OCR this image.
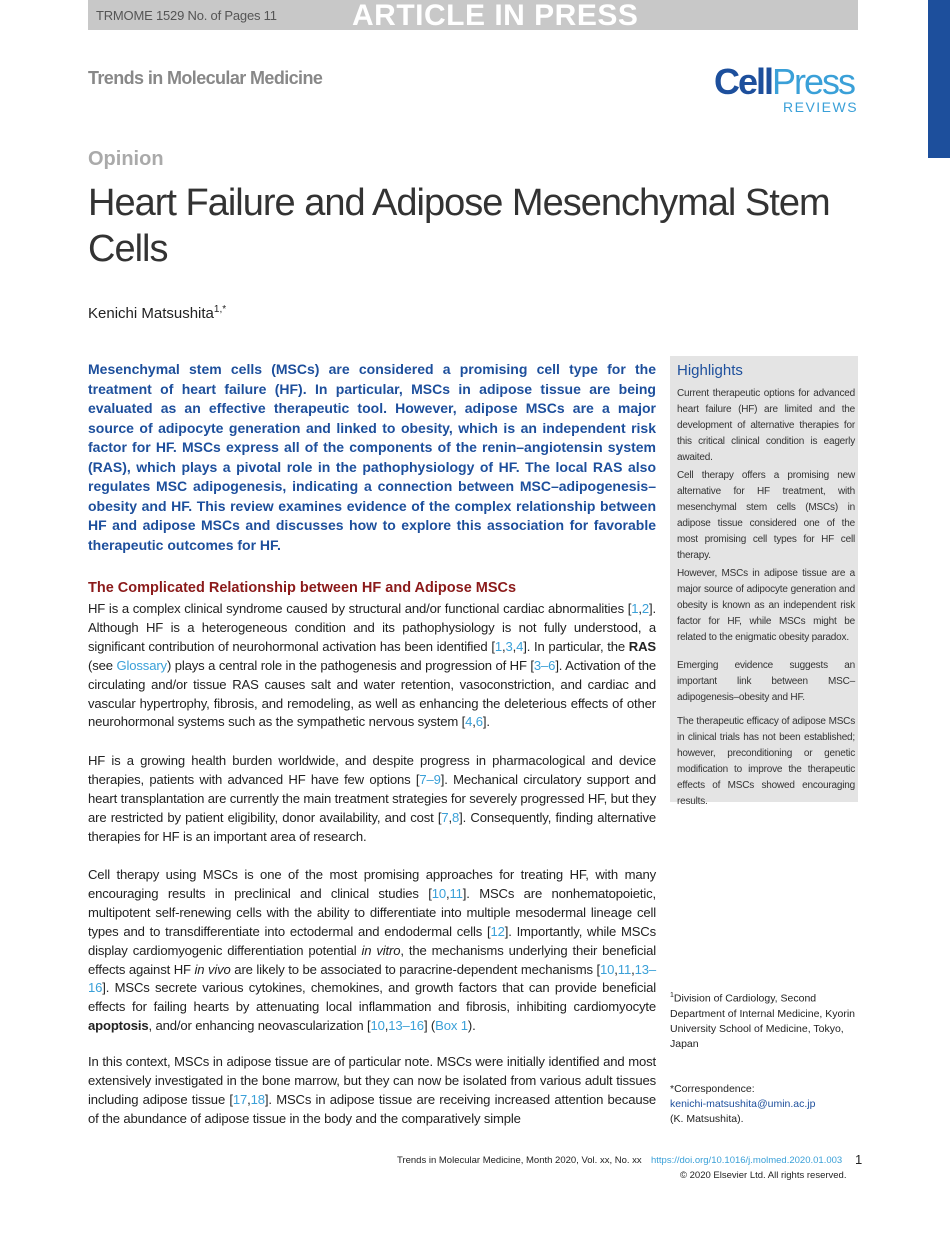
TRMOME 1529 No. of Pages 11	ARTICLE IN PRESS
Trends in Molecular Medicine	CellPress
REVIEWS
Opinion
Heart Failure and Adipose Mesenchymal Stem Cells
Kenichi Matsushita$^{1,*}$
Mesenchymal stem cells (MSCs) are considered a promising cell type for the treatment of heart failure (HF). In particular, MSCs in adipose tissue are being evaluated as an effective therapeutic tool. However, adipose MSCs are a major source of adipocyte generation and linked to obesity, which is an independent risk factor for HF. MSCs express all of the components of the renin–angiotensin system (RAS), which plays a pivotal role in the pathophysiology of HF. The local RAS also regulates MSC adipogenesis, indicating a connection between MSC–adipogenesis–obesity and HF. This review examines evidence of the complex relationship between HF and adipose MSCs and discusses how to explore this association for favorable therapeutic outcomes for HF.
The Complicated Relationship between HF and Adipose MSCs
HF is a complex clinical syndrome caused by structural and/or functional cardiac abnormalities [1,2]. Although HF is a heterogeneous condition and its pathophysiology is not fully understood, a significant contribution of neurohormonal activation has been identified [1,3,4]. In particular, the RAS (see Glossary) plays a central role in the pathogenesis and progression of HF [3–6]. Activation of the circulating and/or tissue RAS causes salt and water retention, vasoconstriction, and cardiac and vascular hypertrophy, fibrosis, and remodeling, as well as enhancing the deleterious effects of other neurohormonal systems such as the sympathetic nervous system [4,6].
HF is a growing health burden worldwide, and despite progress in pharmacological and device therapies, patients with advanced HF have few options [7–9]. Mechanical circulatory support and heart transplantation are currently the main treatment strategies for severely progressed HF, but they are restricted by patient eligibility, donor availability, and cost [7,8]. Consequently, finding alternative therapies for HF is an important area of research.
Cell therapy using MSCs is one of the most promising approaches for treating HF, with many encouraging results in preclinical and clinical studies [10,11]. MSCs are nonhematopoietic, multipotent self-renewing cells with the ability to differentiate into multiple mesodermal lineage cell types and to transdifferentiate into ectodermal and endodermal cells [12]. Importantly, while MSCs display cardiomyogenic differentiation potential in vitro, the mechanisms underlying their beneficial effects against HF in vivo are likely to be associated to paracrine-dependent mechanisms [10,11,13–16]. MSCs secrete various cytokines, chemokines, and growth factors that can provide beneficial effects for failing hearts by attenuating local inflammation and fibrosis, inhibiting cardiomyocyte apoptosis, and/or enhancing neovascularization [10,13–16] (Box 1).
In this context, MSCs in adipose tissue are of particular note. MSCs were initially identified and most extensively investigated in the bone marrow, but they can now be isolated from various adult tissues including adipose tissue [17,18]. MSCs in adipose tissue are receiving increased attention because of the abundance of adipose tissue in the body and the comparatively simple
Highlights
Current therapeutic options for advanced heart failure (HF) are limited and the development of alternative therapies for this critical clinical condition is eagerly awaited.
Cell therapy offers a promising new alternative for HF treatment, with mesenchymal stem cells (MSCs) in adipose tissue considered one of the most promising cell types for HF cell therapy.
However, MSCs in adipose tissue are a major source of adipocyte generation and obesity is known as an independent risk factor for HF, while MSCs might be related to the enigmatic obesity paradox.
Emerging evidence suggests an important link between MSC–adipogenesis–obesity and HF.
The therapeutic efficacy of adipose MSCs in clinical trials has not been established; however, preconditioning or genetic modification to improve the therapeutic effects of MSCs showed encouraging results.
$^1$Division of Cardiology, Second Department of Internal Medicine, Kyorin University School of Medicine, Tokyo, Japan
*Correspondence:
kenichi-matsushita@umin.ac.jp
(K. Matsushita).
Trends in Molecular Medicine, Month 2020, Vol. xx, No. xx https://doi.org/10.1016/j.molmed.2020.01.003 1
© 2020 Elsevier Ltd. All rights reserved.
